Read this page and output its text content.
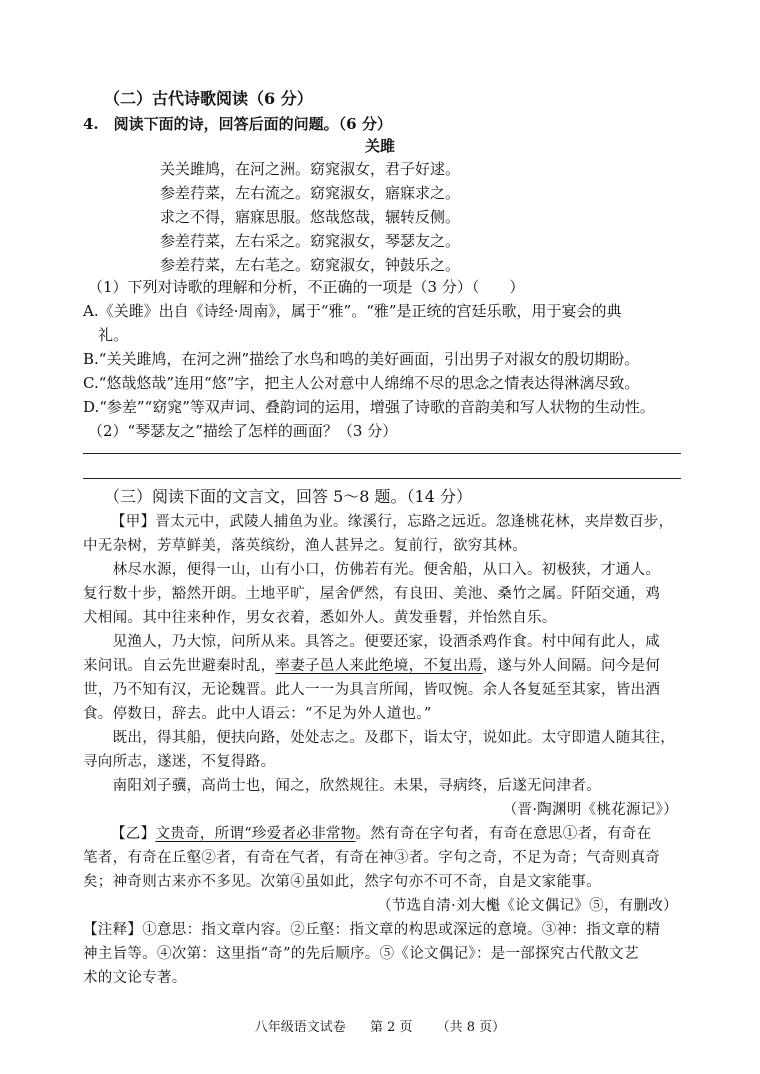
（二）古代诗歌阅读（6 分）
4.　阅读下面的诗，回答后面的问题。（6 分）
关雎
关关雎鸠，在河之洲。窈窕淑女，君子好逑。
参差荇菜，左右流之。窈窕淑女，寤寐求之。
求之不得，寤寐思服。悠哉悠哉，辗转反侧。
参差荇菜，左右采之。窈窕淑女，琴瑟友之。
参差荇菜，左右芼之。窈窕淑女，钟鼓乐之。
（1）下列对诗歌的理解和分析，不正确的一项是（3 分）（　　）
A.《关雎》出自《诗经·周南》，属于“雅”。“雅”是正统的宫廷乐歌，用于宴会的典
礼。
B.“关关雎鸠，在河之洲”描绘了水鸟和鸣的美好画面，引出男子对淑女的殷切期盼。
C.“悠哉悠哉”连用“悠”字，把主人公对意中人绵绵不尽的思念之情表达得淋漓尽致。
D.“参差”“窈窕”等双声词、叠韵词的运用，增强了诗歌的音韵美和写人状物的生动性。
（2）“琴瑟友之”描绘了怎样的画面？（3 分）
（三）阅读下面的文言文，回答 5～8 题。（14 分）
【甲】晋太元中，武陵人捕鱼为业。缘溪行，忘路之远近。忽逢桃花林，夹岸数百步，
中无杂树，芳草鲜美，落英缤纷，渔人甚异之。复前行，欲穷其林。
　　林尽水源，便得一山，山有小口，仿佛若有光。便舍船，从口入。初极狭，才通人。
复行数十步，豁然开朗。土地平旷，屋舍俨然，有良田、美池、桑竹之属。阡陌交通，鸡
犬相闻。其中往来种作，男女衣着，悉如外人。黄发垂髫，并怡然自乐。
　　见渔人，乃大惊，问所从来。具答之。便要还家，设酒杀鸡作食。村中闻有此人，咸
来问讯。自云先世避秦时乱，率妻子邑人来此绝境，不复出焉，遂与外人间隔。问今是何
世，乃不知有汉，无论魏晋。此人一一为具言所闻，皆叹惋。余人各复延至其家，皆出酒
食。停数日，辞去。此中人语云：“不足为外人道也。”
　　既出，得其船，便扶向路，处处志之。及郡下，诣太守，说如此。太守即遣人随其往，
寻向所志，遂迷，不复得路。
　　南阳刘子骥，高尚士也，闻之，欣然规往。未果，寻病终，后遂无问津者。
（晋·陶渊明《桃花源记》）
【乙】文贵奇，所谓“珍爱者必非常物。然有奇在字句者，有奇在意思①者，有奇在
笔者，有奇在丘壑②者，有奇在气者，有奇在神③者。字句之奇，不足为奇；气奇则真奇
矣；神奇则古来亦不多见。次第④虽如此，然字句亦不可不奇，自是文家能事。
（节选自清·刘大櫆《论文偶记》⑤，有删改）
【注释】①意思：指文章内容。②丘壑：指文章的构思或深远的意境。③神：指文章的精
神主旨等。④次第：这里指“奇”的先后顺序。⑤《论文偶记》：是一部探究古代散文艺
术的文论专著。
八年级语文试卷 第 2 页 （共 8 页）
